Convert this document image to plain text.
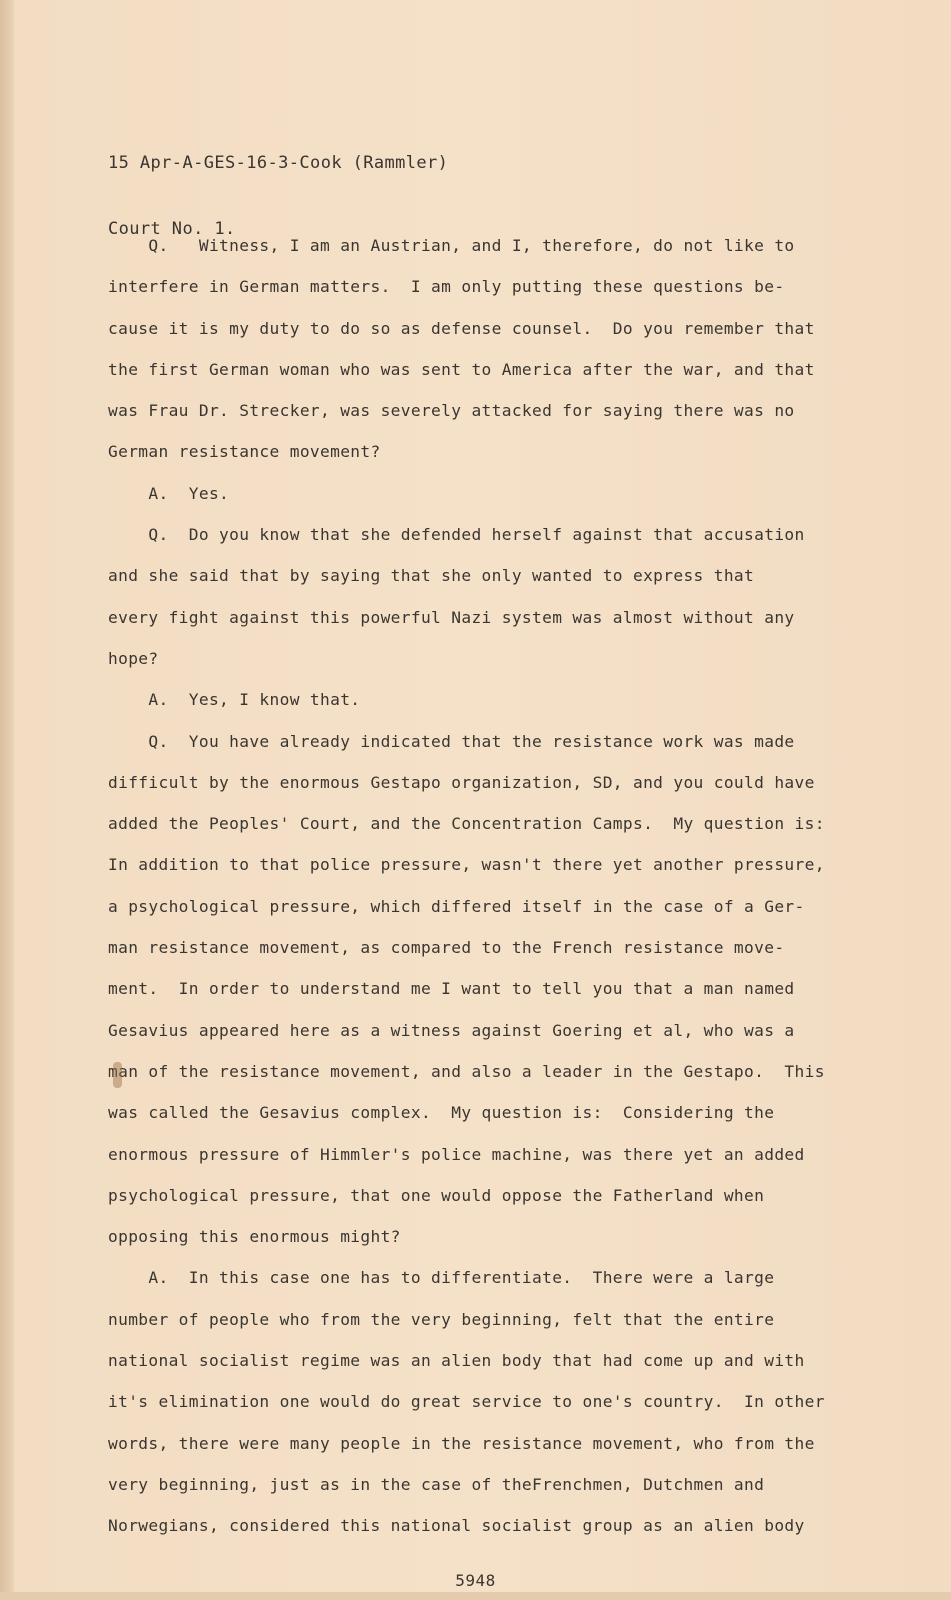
15 Apr-A-GES-16-3-Cook (Rammler)

Court No. 1.

Q.   Witness, I am an Austrian, and I, therefore, do not like to
interfere in German matters.  I am only putting these questions be-
cause it is my duty to do so as defense counsel.  Do you remember that
the first German woman who was sent to America after the war, and that
was Frau Dr. Strecker, was severely attacked for saying there was no
German resistance movement?
A.  Yes.
Q.  Do you know that she defended herself against that accusation
and she said that by saying that she only wanted to express that
every fight against this powerful Nazi system was almost without any
hope?
A.  Yes, I know that.
Q.  You have already indicated that the resistance work was made
difficult by the enormous Gestapo organization, SD, and you could have
added the Peoples' Court, and the Concentration Camps.  My question is:
In addition to that police pressure, wasn't there yet another pressure,
a psychological pressure, which differed itself in the case of a Ger-
man resistance movement, as compared to the French resistance move-
ment.  In order to understand me I want to tell you that a man named
Gesavius appeared here as a witness against Goering et al, who was a
man of the resistance movement, and also a leader in the Gestapo.  This
was called the Gesavius complex.  My question is:  Considering the
enormous pressure of Himmler's police machine, was there yet an added
psychological pressure, that one would oppose the Fatherland when
opposing this enormous might?
A.  In this case one has to differentiate.  There were a large
number of people who from the very beginning, felt that the entire
national socialist regime was an alien body that had come up and with
it's elimination one would do great service to one's country.  In other
words, there were many people in the resistance movement, who from the
very beginning, just as in the case of theFrenchmen, Dutchmen and
Norwegians, considered this national socialist group as an alien body
5948
